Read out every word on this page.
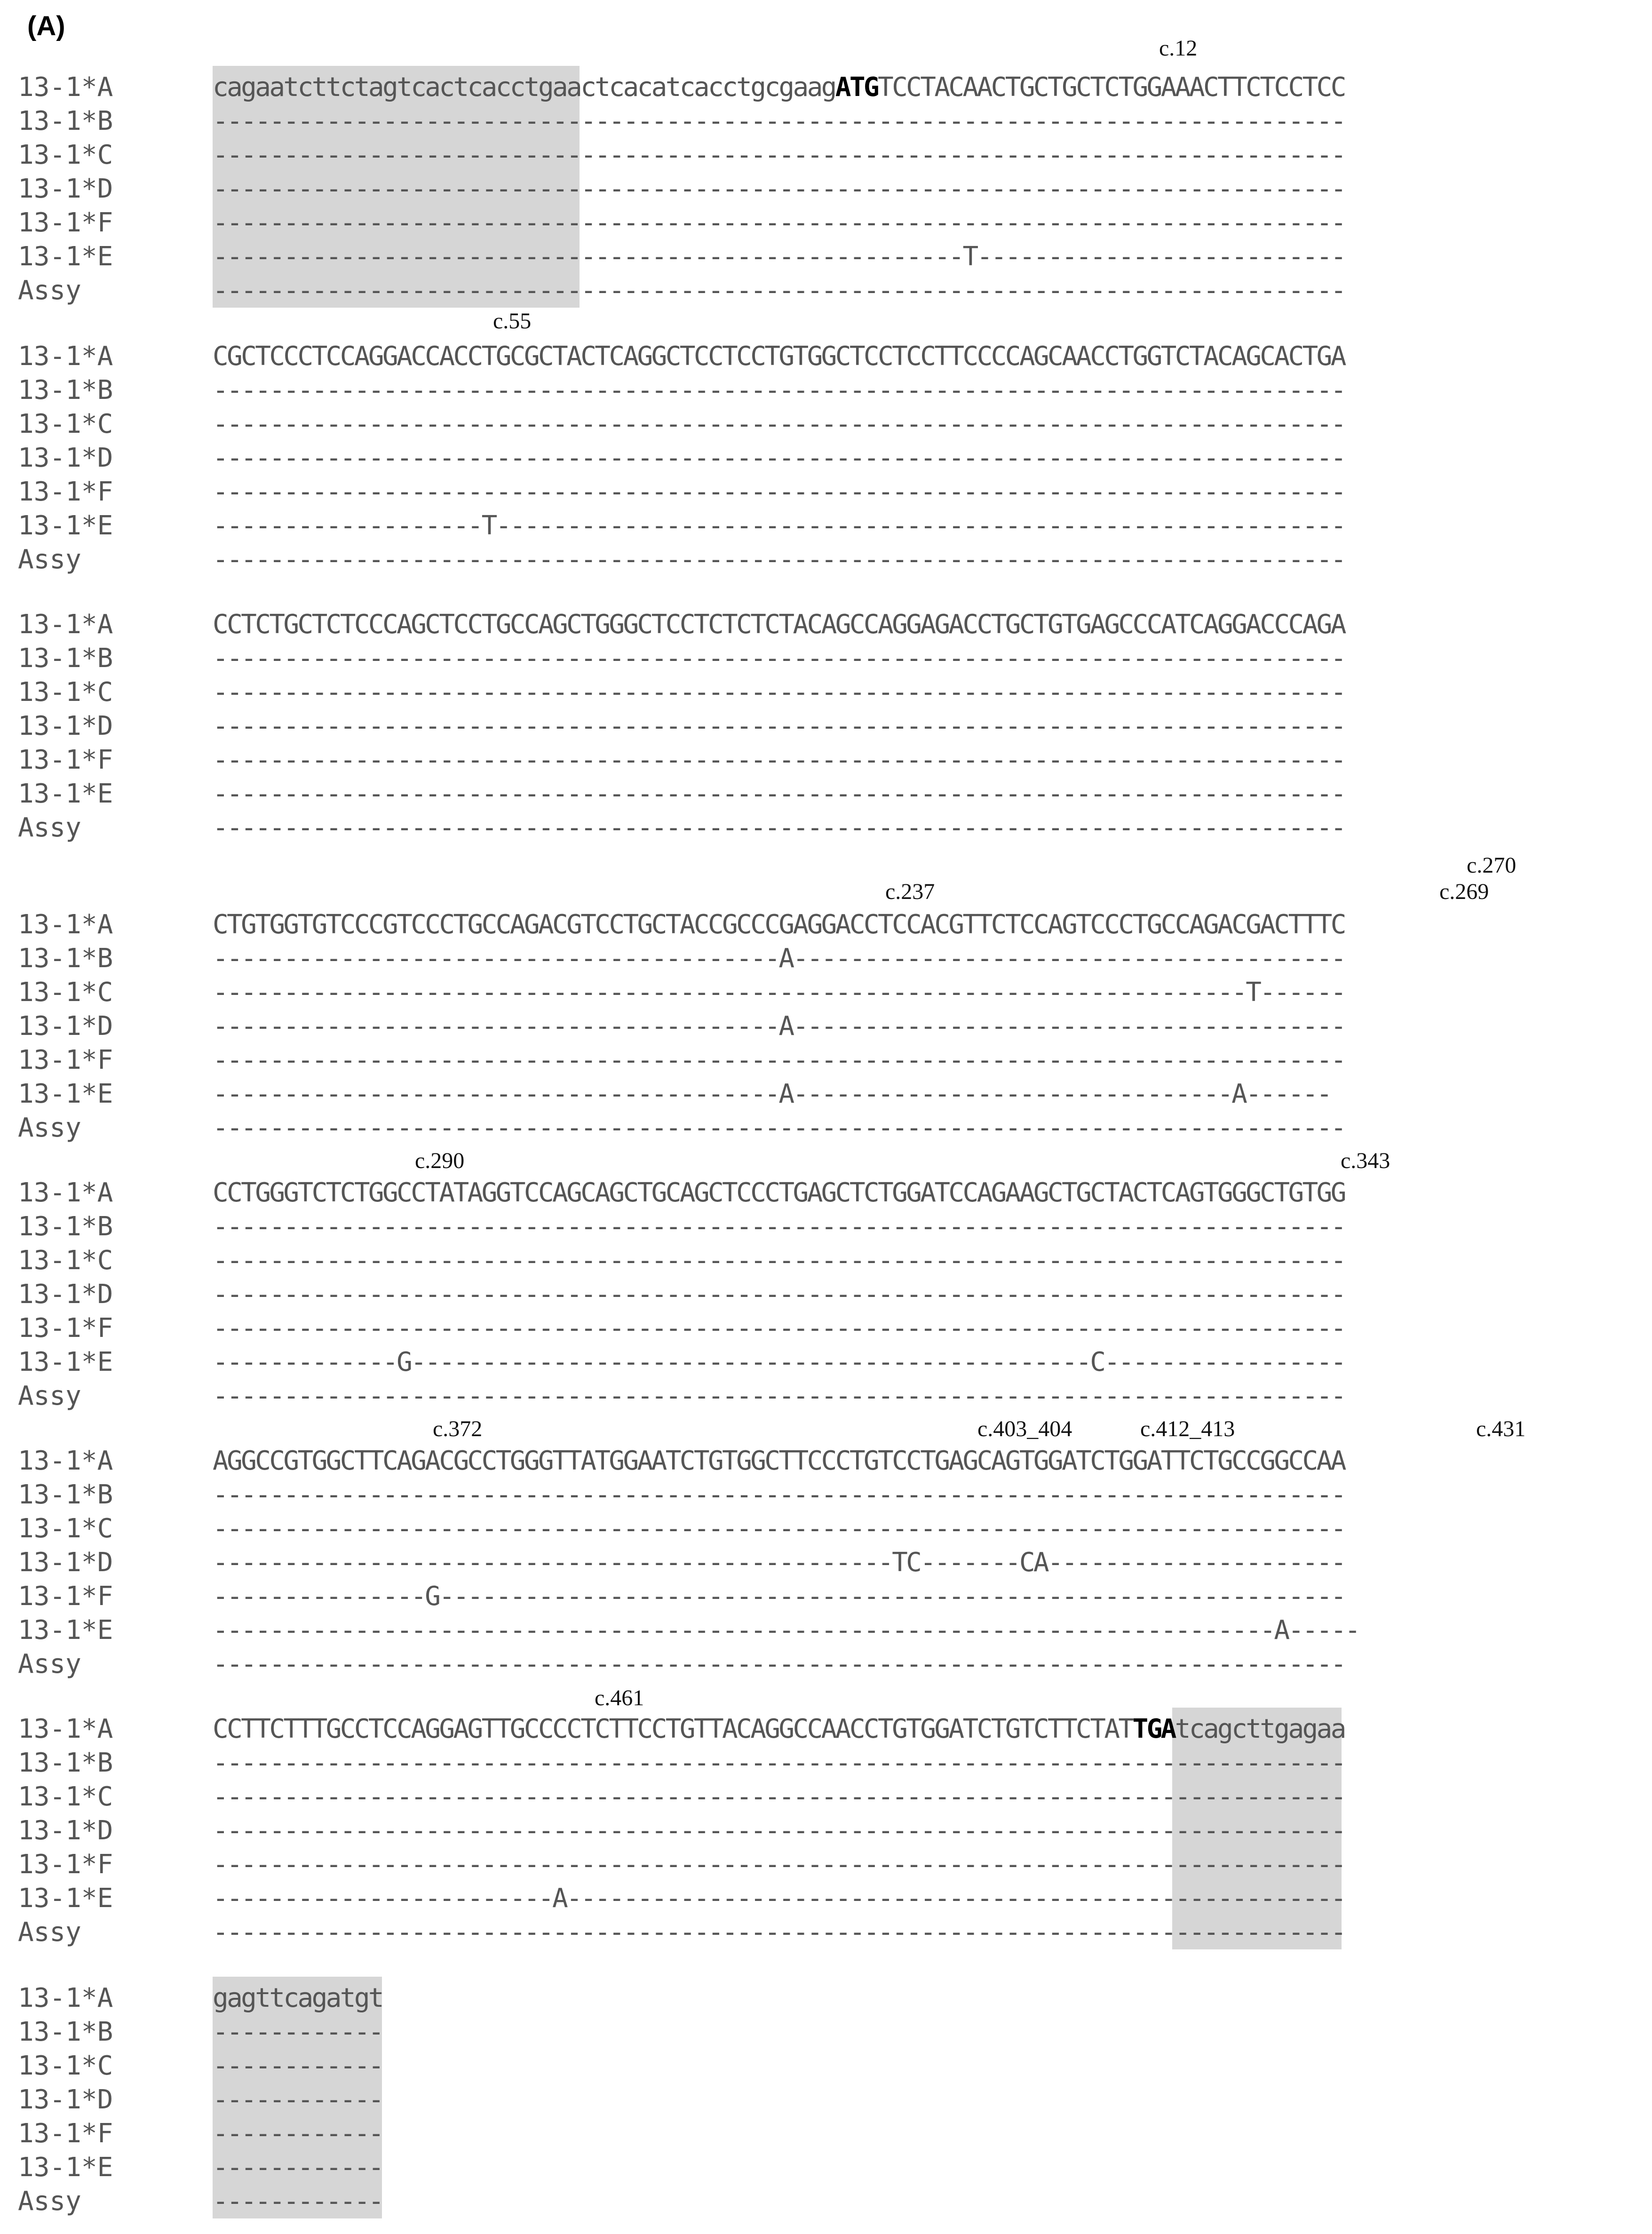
(A)
c.12
13-1*A	cagaatcttctagtcactcacctgaactcacatcacctgcgaagATGTCCTACAACTGCTGCTCTGGAAACTTCTCCTCC
13-1*B	--------------------------------------------------------------------------------
13-1*C	--------------------------------------------------------------------------------
13-1*D	--------------------------------------------------------------------------------
13-1*F	--------------------------------------------------------------------------------
13-1*E	-----------------------------------------------------T--------------------------
Assy	--------------------------------------------------------------------------------
c.55
13-1*A	CGCTCCCTCCAGGACCACCTGCGCTACTCAGGCTCCTCCTGTGGCTCCTCCTTCCCCAGCAACCTGGTCTACAGCACTGA
13-1*B	--------------------------------------------------------------------------------
13-1*C	--------------------------------------------------------------------------------
13-1*D	--------------------------------------------------------------------------------
13-1*F	--------------------------------------------------------------------------------
13-1*E	-------------------T------------------------------------------------------------
Assy	--------------------------------------------------------------------------------
13-1*A	CCTCTGCTCTCCCAGCTCCTGCCAGCTGGGCTCCTCTCTCTACAGCCAGGAGACCTGCTGTGAGCCCATCAGGACCCAGA
13-1*B	--------------------------------------------------------------------------------
13-1*C	--------------------------------------------------------------------------------
13-1*D	--------------------------------------------------------------------------------
13-1*F	--------------------------------------------------------------------------------
13-1*E	--------------------------------------------------------------------------------
Assy	--------------------------------------------------------------------------------
c.237
c.270
c.269
13-1*A	CTGTGGTGTCCCGTCCCTGCCAGACGTCCTGCTACCGCCCGAGGACCTCCACGTTCTCCAGTCCCTGCCAGACGACTTTC
13-1*B	----------------------------------------A---------------------------------------
13-1*C	-------------------------------------------------------------------------T------
13-1*D	----------------------------------------A---------------------------------------
13-1*F	--------------------------------------------------------------------------------
13-1*E	----------------------------------------A-------------------------------A------
Assy	--------------------------------------------------------------------------------
c.290	c.343
13-1*A	CCTGGGTCTCTGGCCTATAGGTCCAGCAGCTGCAGCTCCCTGAGCTCTGGATCCAGAAGCTGCTACTCAGTGGGCTGTGG
13-1*B	--------------------------------------------------------------------------------
13-1*C	--------------------------------------------------------------------------------
13-1*D	--------------------------------------------------------------------------------
13-1*F	--------------------------------------------------------------------------------
13-1*E	-------------G------------------------------------------------C-----------------
Assy	--------------------------------------------------------------------------------
c.372	c.403_404	c.412_413	c.431
13-1*A	AGGCCGTGGCTTCAGACGCCTGGGTTATGGAATCTGTGGCTTCCCTGTCCTGAGCAGTGGATCTGGATTCTGCCGGCCAA
13-1*B	--------------------------------------------------------------------------------
13-1*C	--------------------------------------------------------------------------------
13-1*D	------------------------------------------------TC-------CA---------------------
13-1*F	---------------G----------------------------------------------------------------
13-1*E	---------------------------------------------------------------------------A-----
Assy	--------------------------------------------------------------------------------
c.461
13-1*A	CCTTCTTTGCCTCCAGGAGTTGCCCCTCTTCCTGTTACAGGCCAACCTGTGGATCTGTCTTCTATTGAtcagcttgagaa
13-1*B	--------------------------------------------------------------------------------
13-1*C	--------------------------------------------------------------------------------
13-1*D	--------------------------------------------------------------------------------
13-1*F	--------------------------------------------------------------------------------
13-1*E	------------------------A-------------------------------------------------------
Assy	--------------------------------------------------------------------------------
13-1*A	gagttcagatgt
13-1*B	------------
13-1*C	------------
13-1*D	------------
13-1*F	------------
13-1*E	------------
Assy	------------
